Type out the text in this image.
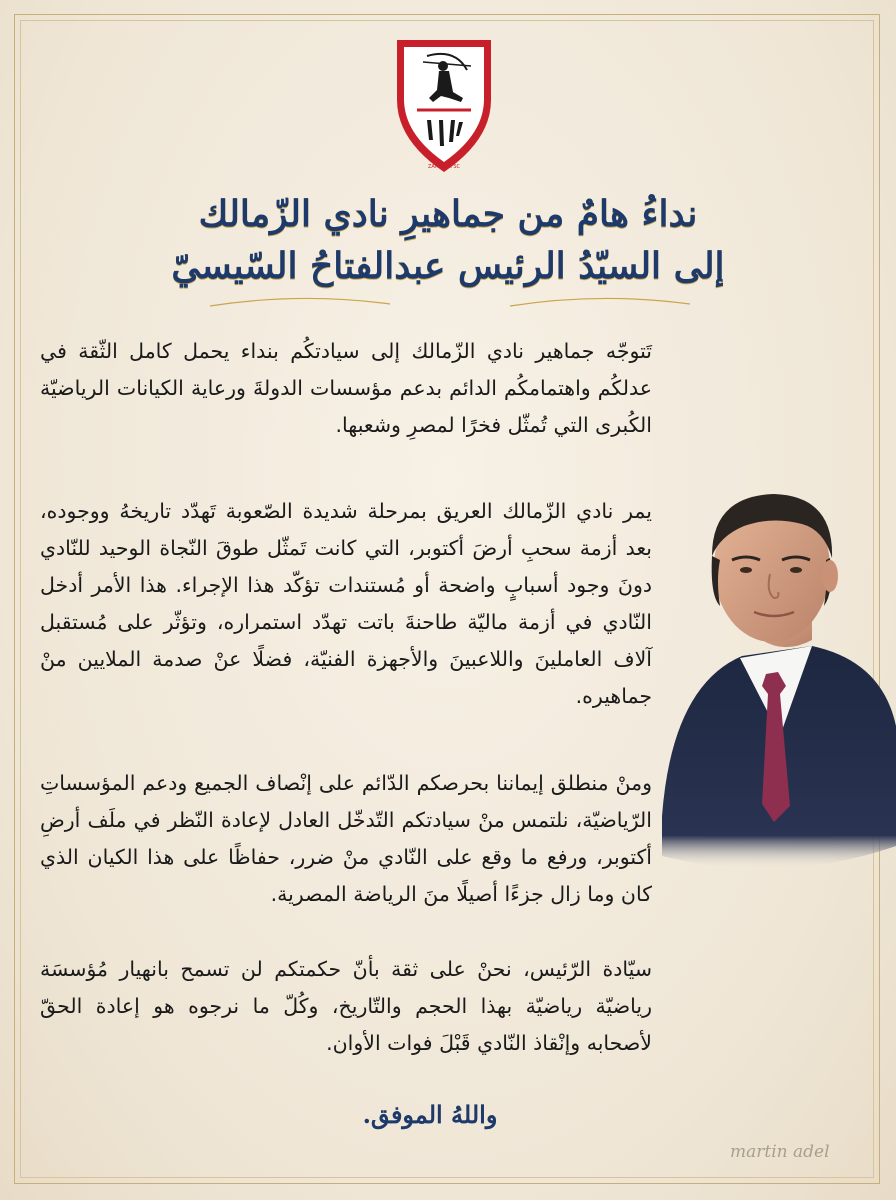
ZAMALEK SC
نداءُ هامٌ من جماهيرِ نادي الزّمالك
إلى السيّدُ الرئيس عبدالفتاحُ السّيسيّ
تَتوجّه جماهير نادي الزّمالك إلى سيادتكُم بنداء يحمل كامل الثّقة في عدلكُم واهتمامكُم الدائم بدعم مؤسسات الدولةَ ورعاية الكيانات الرياضيّة الكُبرى التي تُمثّل فخرًا لمصرِ وشعبها.
يمر نادي الزّمالك العريق بمرحلة شديدة الصّعوبة تَهدّد تاريخهُ ووجوده، بعد أزمة سحبِ أرضَ أكتوبر، التي كانت تَمثّل طوقَ النّجاة الوحيد للنّادي دونَ وجود أسبابٍ واضحة أو مُستندات تؤكّد هذا الإجراء. هذا الأمر أدخل النّادي في أزمة ماليّة طاحنةَ باتت تهدّد استمراره، وتؤثّر على مُستقبل آلاف العاملينَ واللاعبينَ والأجهزة الفنيّة، فضلًا عنْ صدمة الملايين منْ جماهيره.
ومنْ منطلق إيماننا بحرصكم الدّائم على إنْصاف الجميع ودعم المؤسساتِ الرّياضيّة، نلتمس منْ سيادتكم التّدخّل العادل لإعادة النّظر في ملَف أرضِ أكتوبر، ورفع ما وقع على النّادي منْ ضرر، حفاظًا على هذا الكيان الذي كان وما زال جزءًا أصيلًا منَ الرياضة المصرية.
سيّادة الرّئيس، نحنْ على ثقة بأنّ حكمتكم لن تسمح بانهيار مُؤسسَة رياضيّة رياضيّة بهذا الحجم والتّاريخ، وكُلّ ما نرجوه هو إعادة الحقّ لأصحابه وإنْقاذ النّادي قَبْلَ فوات الأوان.
واللهُ الموفق.
martin adel
